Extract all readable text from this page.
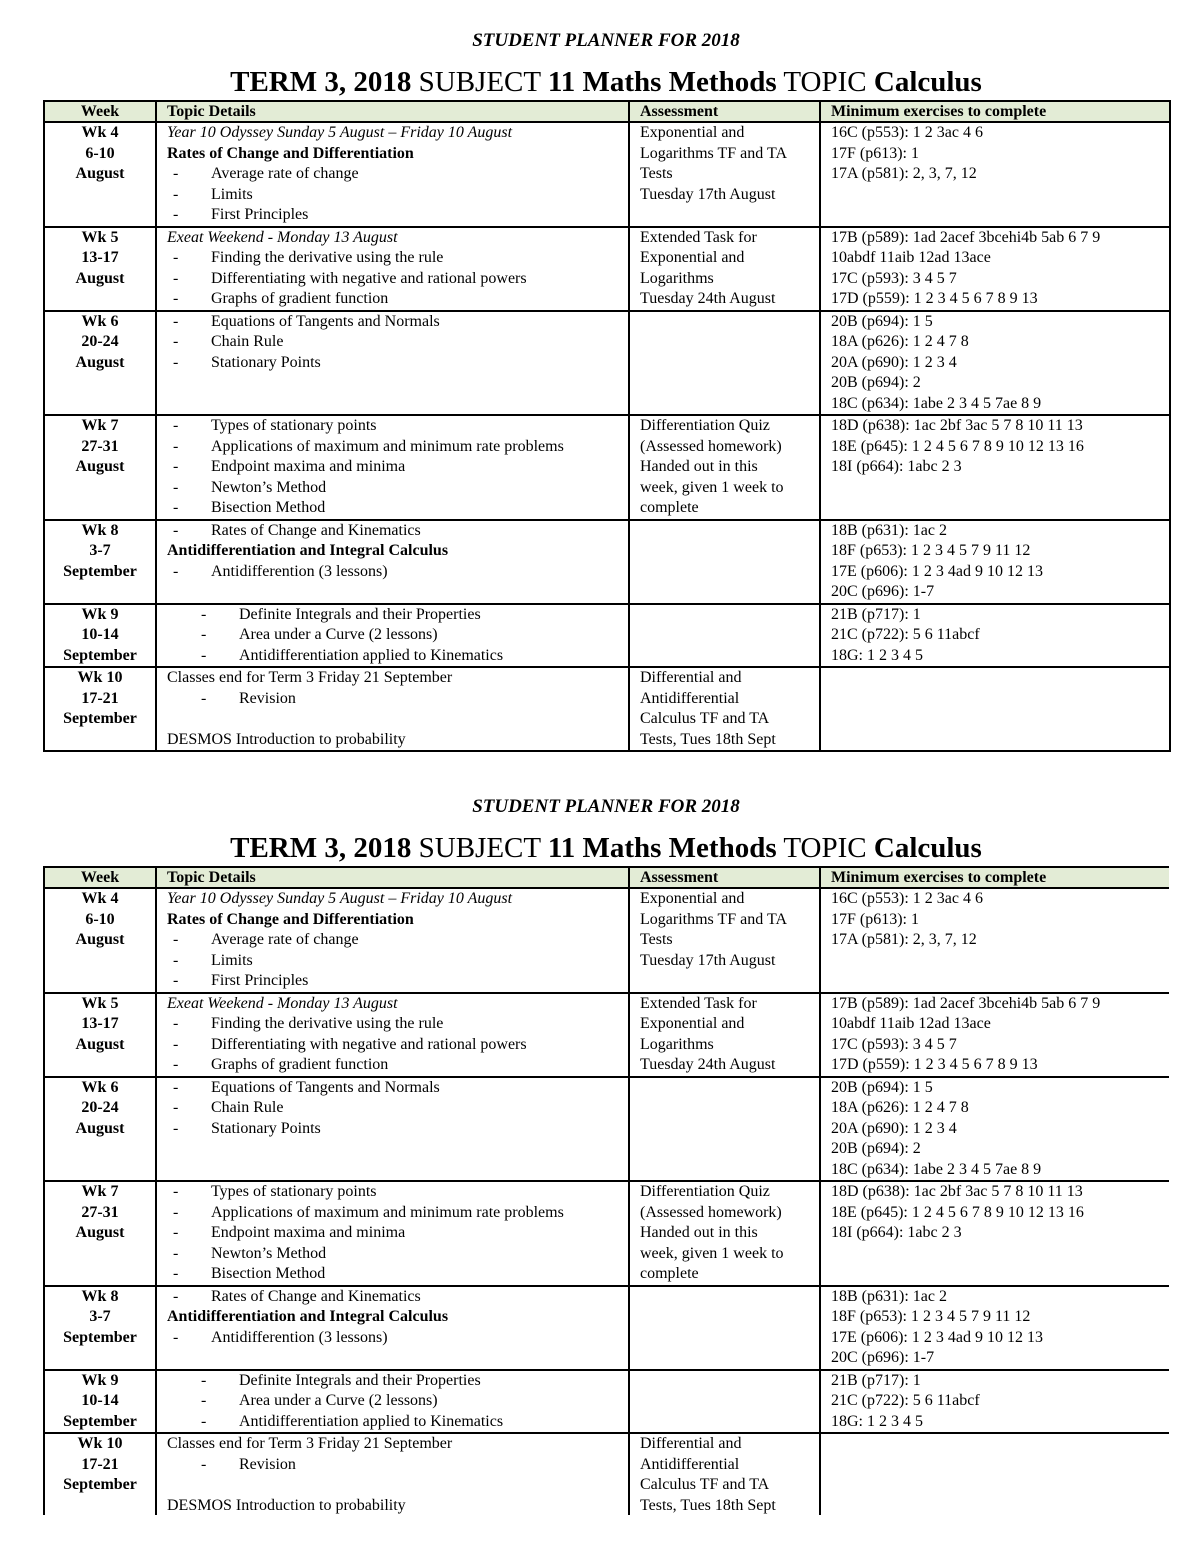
STUDENT PLANNER FOR 2018
TERM 3, 2018 SUBJECT 11 Maths Methods TOPIC Calculus
Week	Topic Details	Assessment	Minimum exercises to complete

Wk 4
6-10
August	Year 10 Odyssey Sunday 5 August – Friday 10 August
Rates of Change and Differentiation
- Average rate of change
- Limits
- First Principles	Exponential and
Logarithms TF and TA
Tests
Tuesday 17th August	16C (p553): 1 2 3ac 4 6
17F (p613): 1
17A (p581): 2, 3, 7, 12

Wk 5
13-17
August	Exeat Weekend - Monday 13 August
- Finding the derivative using the rule
- Differentiating with negative and rational powers
- Graphs of gradient function	Extended Task for
Exponential and
Logarithms
Tuesday 24th August	17B (p589): 1ad 2acef 3bcehi4b 5ab 6 7 9
10abdf 11aib 12ad 13ace
17C (p593): 3 4 5 7
17D (p559): 1 2 3 4 5 6 7 8 9 13

Wk 6
20-24
August	- Equations of Tangents and Normals
- Chain Rule
- Stationary Points		20B (p694): 1 5
18A (p626): 1 2 4 7 8
20A (p690): 1 2 3 4
20B (p694): 2
18C (p634): 1abe 2 3 4 5 7ae 8 9

Wk 7
27-31
August	- Types of stationary points
- Applications of maximum and minimum rate problems
- Endpoint maxima and minima
- Newton’s Method
- Bisection Method	Differentiation Quiz
(Assessed homework)
Handed out in this
week, given 1 week to
complete	18D (p638): 1ac 2bf 3ac 5 7 8 10 11 13
18E (p645): 1 2 4 5 6 7 8 9 10 12 13 16
18I (p664): 1abc 2 3

Wk 8
3-7
September	- Rates of Change and Kinematics
Antidifferentiation and Integral Calculus
- Antidifferention (3 lessons)		18B (p631): 1ac 2
18F (p653): 1 2 3 4 5 7 9 11 12
17E (p606): 1 2 3 4ad 9 10 12 13
20C (p696): 1-7

Wk 9
10-14
September	- Definite Integrals and their Properties
- Area under a Curve (2 lessons)
- Antidifferentiation applied to Kinematics		21B (p717): 1
21C (p722): 5 6 11abcf
18G: 1 2 3 4 5

Wk 10
17-21
September	Classes end for Term 3 Friday 21 September
- Revision
DESMOS Introduction to probability	Differential and
Antidifferential
Calculus TF and TA
Tests, Tues 18th Sept	

STUDENT PLANNER FOR 2018
TERM 3, 2018 SUBJECT 11 Maths Methods TOPIC Calculus
Week	Topic Details	Assessment	Minimum exercises to complete

Wk 4
6-10
August	Year 10 Odyssey Sunday 5 August – Friday 10 August
Rates of Change and Differentiation
- Average rate of change
- Limits
- First Principles	Exponential and
Logarithms TF and TA
Tests
Tuesday 17th August	16C (p553): 1 2 3ac 4 6
17F (p613): 1
17A (p581): 2, 3, 7, 12

Wk 5
13-17
August	Exeat Weekend - Monday 13 August
- Finding the derivative using the rule
- Differentiating with negative and rational powers
- Graphs of gradient function	Extended Task for
Exponential and
Logarithms
Tuesday 24th August	17B (p589): 1ad 2acef 3bcehi4b 5ab 6 7 9
10abdf 11aib 12ad 13ace
17C (p593): 3 4 5 7
17D (p559): 1 2 3 4 5 6 7 8 9 13

Wk 6
20-24
August	- Equations of Tangents and Normals
- Chain Rule
- Stationary Points		20B (p694): 1 5
18A (p626): 1 2 4 7 8
20A (p690): 1 2 3 4
20B (p694): 2
18C (p634): 1abe 2 3 4 5 7ae 8 9

Wk 7
27-31
August	- Types of stationary points
- Applications of maximum and minimum rate problems
- Endpoint maxima and minima
- Newton’s Method
- Bisection Method	Differentiation Quiz
(Assessed homework)
Handed out in this
week, given 1 week to
complete	18D (p638): 1ac 2bf 3ac 5 7 8 10 11 13
18E (p645): 1 2 4 5 6 7 8 9 10 12 13 16
18I (p664): 1abc 2 3

Wk 8
3-7
September	- Rates of Change and Kinematics
Antidifferentiation and Integral Calculus
- Antidifferention (3 lessons)		18B (p631): 1ac 2
18F (p653): 1 2 3 4 5 7 9 11 12
17E (p606): 1 2 3 4ad 9 10 12 13
20C (p696): 1-7

Wk 9
10-14
September	- Definite Integrals and their Properties
- Area under a Curve (2 lessons)
- Antidifferentiation applied to Kinematics		21B (p717): 1
21C (p722): 5 6 11abcf
18G: 1 2 3 4 5

Wk 10
17-21
September	Classes end for Term 3 Friday 21 September
- Revision
DESMOS Introduction to probability	Differential and
Antidifferential
Calculus TF and TA
Tests, Tues 18th Sept	
